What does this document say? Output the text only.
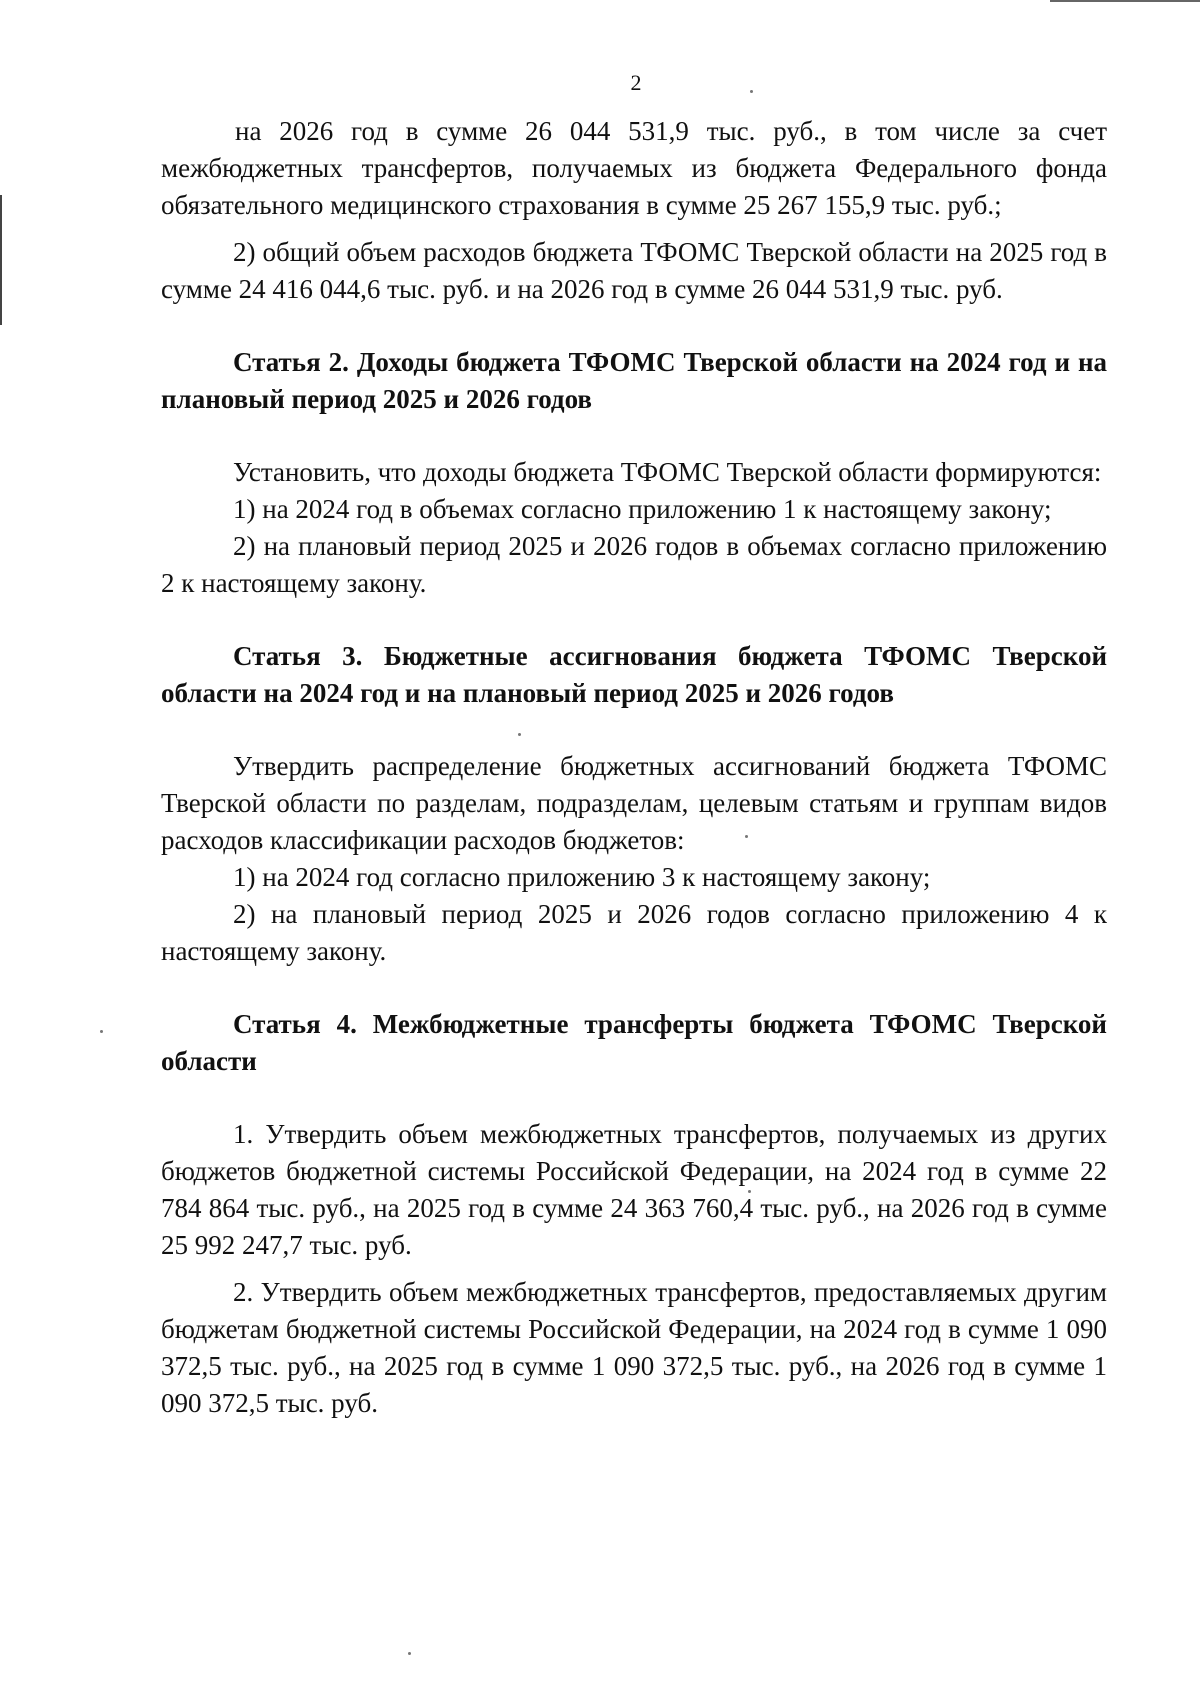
2

на 2026 год в сумме 26 044 531,9 тыс. руб., в том числе за счет межбюджетных трансфертов, получаемых из бюджета Федерального фонда обязательного медицинского страхования в сумме 25 267 155,9 тыс. руб.;

2) общий объем расходов бюджета ТФОМС Тверской области на 2025 год в сумме 24 416 044,6 тыс. руб. и на 2026 год в сумме 26 044 531,9 тыс. руб.

Статья 2. Доходы бюджета ТФОМС Тверской области на 2024 год и на плановый период 2025 и 2026 годов

Установить, что доходы бюджета ТФОМС Тверской области формируются:

1) на 2024 год в объемах согласно приложению 1 к настоящему закону;

2) на плановый период 2025 и 2026 годов в объемах согласно приложению 2 к настоящему закону.

Статья 3. Бюджетные ассигнования бюджета ТФОМС Тверской области на 2024 год и на плановый период 2025 и 2026 годов

Утвердить распределение бюджетных ассигнований бюджета ТФОМС Тверской области по разделам, подразделам, целевым статьям и группам видов расходов классификации расходов бюджетов:

1) на 2024 год согласно приложению 3 к настоящему закону;

2) на плановый период 2025 и 2026 годов согласно приложению 4 к настоящему закону.

Статья 4. Межбюджетные трансферты бюджета ТФОМС Тверской области

1. Утвердить объем межбюджетных трансфертов, получаемых из других бюджетов бюджетной системы Российской Федерации, на 2024 год в сумме 22 784 864 тыс. руб., на 2025 год в сумме 24 363 760,4 тыс. руб., на 2026 год в сумме 25 992 247,7 тыс. руб.

2. Утвердить объем межбюджетных трансфертов, предоставляемых другим бюджетам бюджетной системы Российской Федерации, на 2024 год в сумме 1 090 372,5 тыс. руб., на 2025 год в сумме 1 090 372,5 тыс. руб., на 2026 год в сумме 1 090 372,5 тыс. руб.
